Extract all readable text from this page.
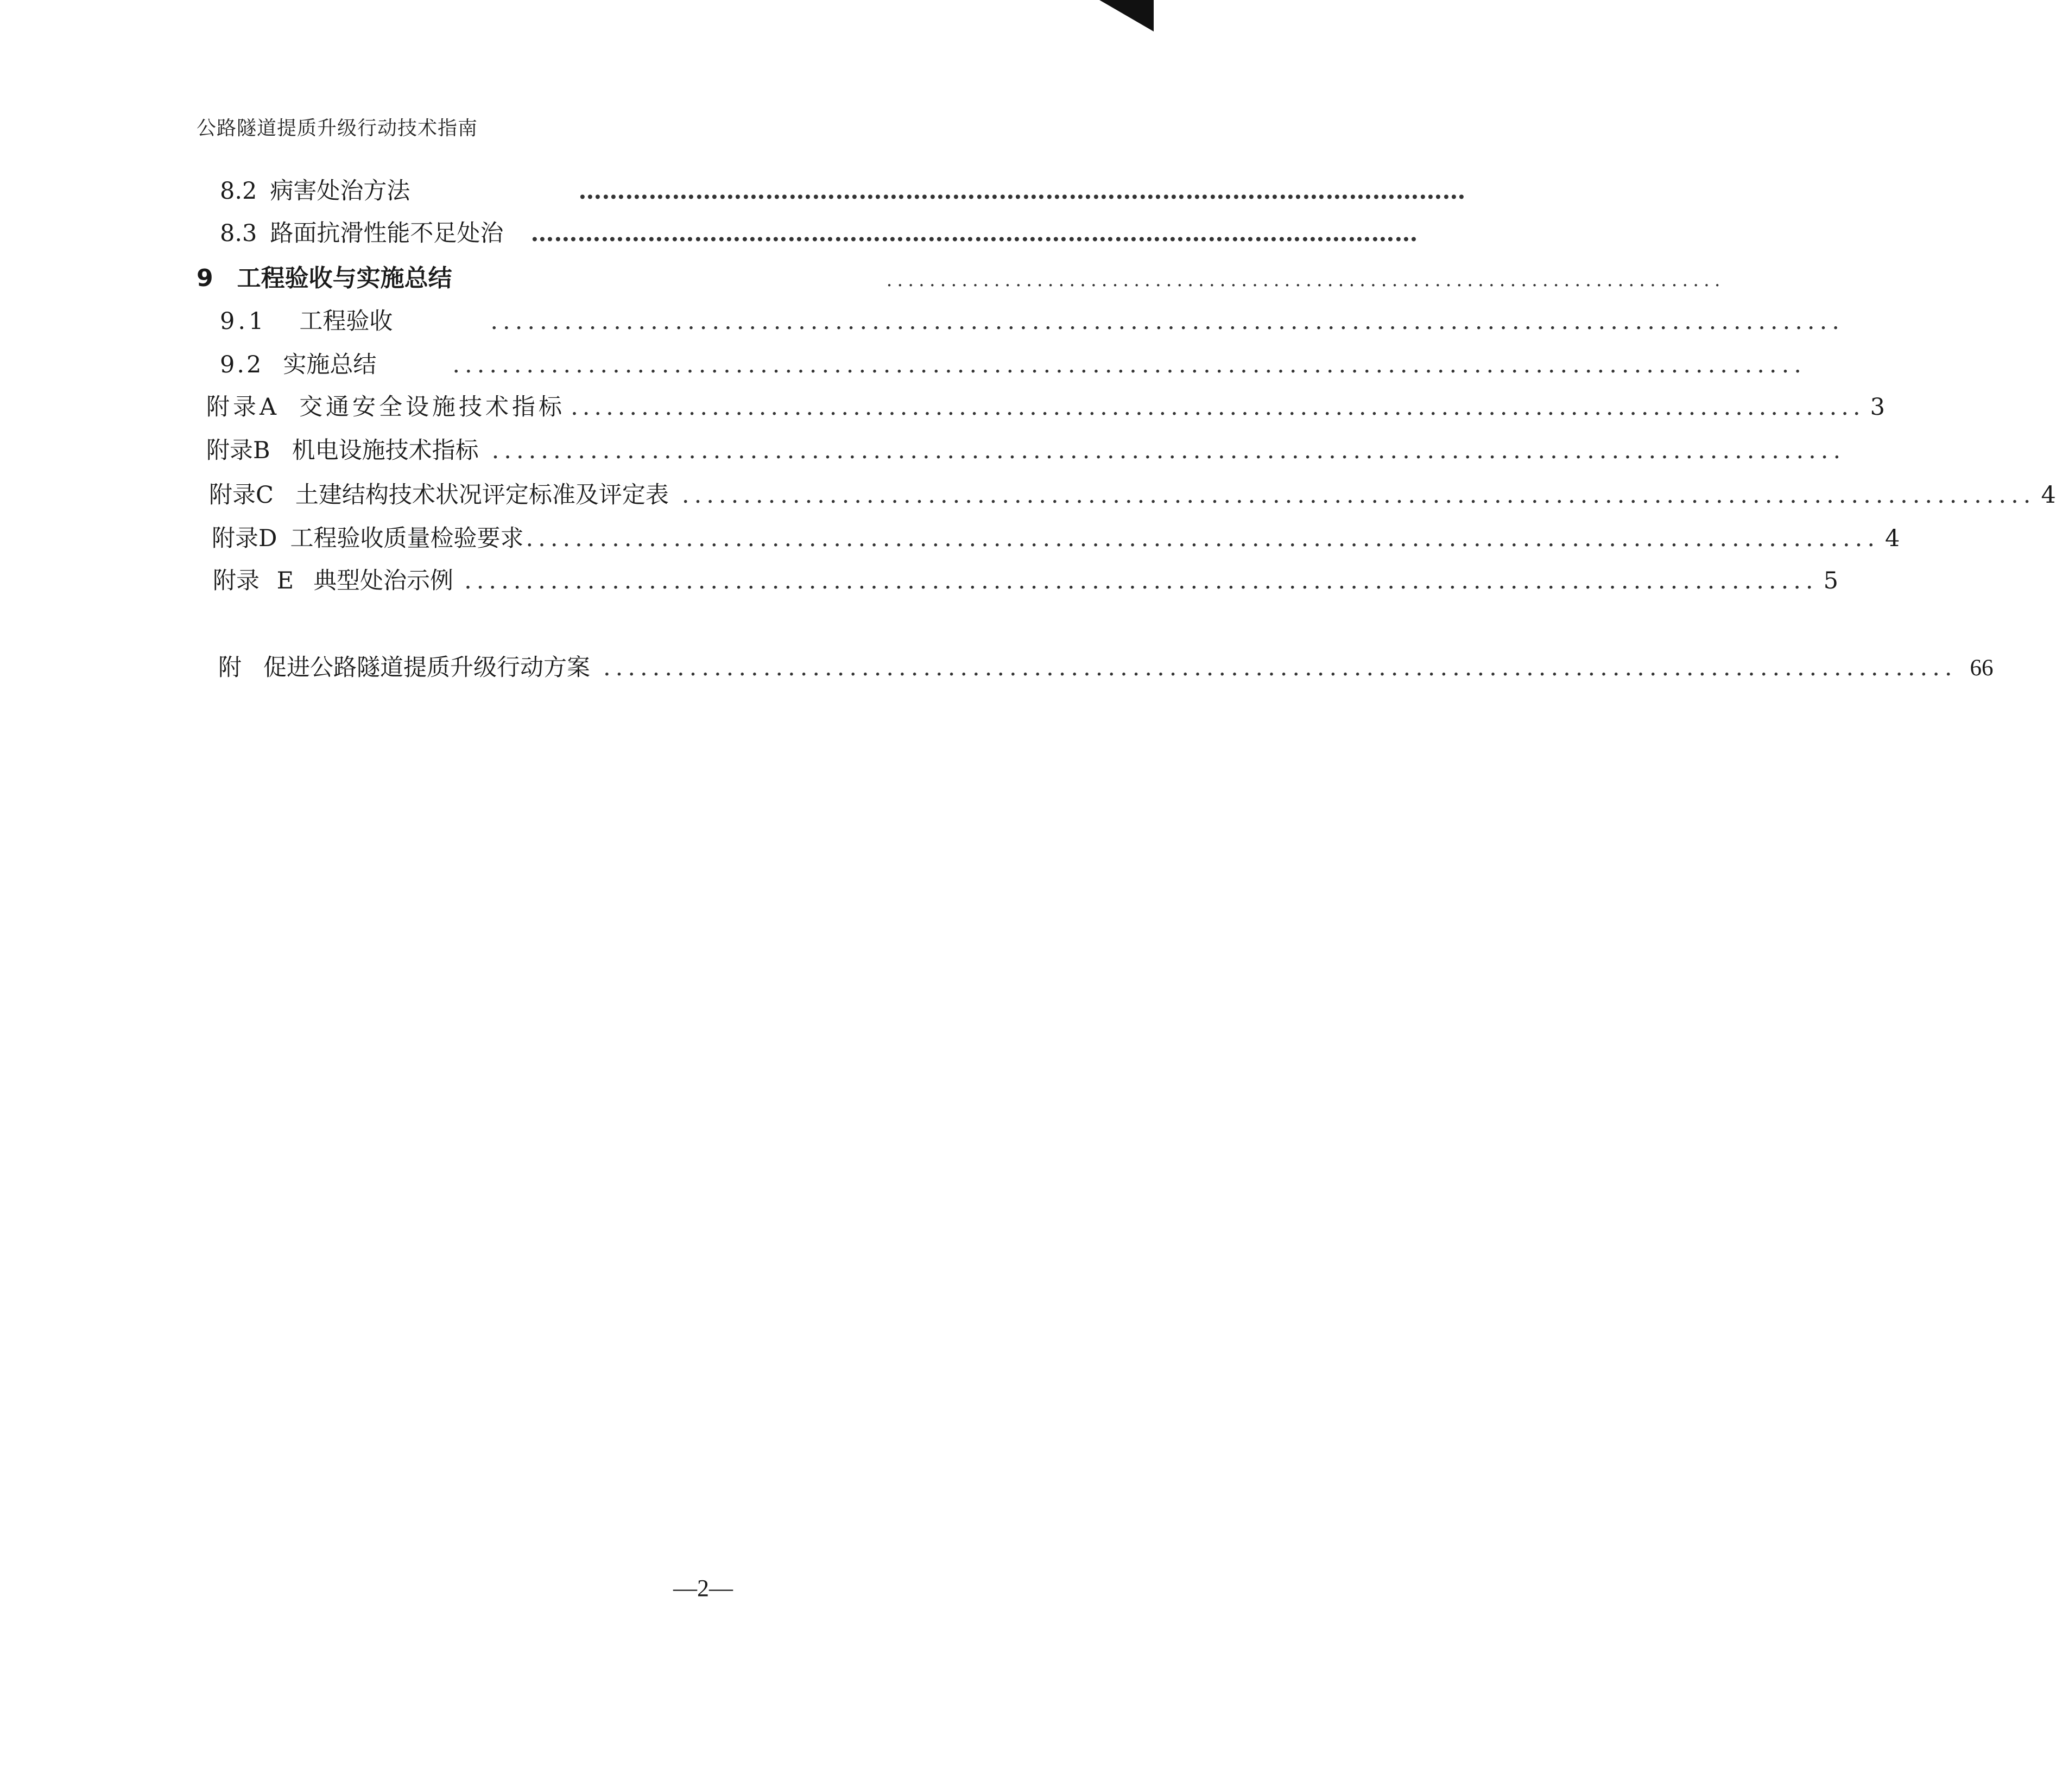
公路隧道提质升级行动技术指南
8.2 病害处治方法	……………………………………………………………………………………………………
8.3 路面抗滑性能不足处治 ……………………………………………………………………………………………………
9 工程验收与实施总结	..............................................................................
9.1 工程验收	..............................................................................................................
9.2 实施总结	..............................................................................................................
附录A 交通安全设施技术指标 .............................................................................................................. 3
附录B 机电设施技术指标 ..............................................................................................................
附录C 土建结构技术状况评定标准及评定表 .............................................................................................................. 4
附录D 工程验收质量检验要求 .............................................................................................................. 4
附录 E 典型处治示例 .............................................................................................................. 5
附 促进公路隧道提质升级行动方案 .............................................................................................................. 66
—2—
